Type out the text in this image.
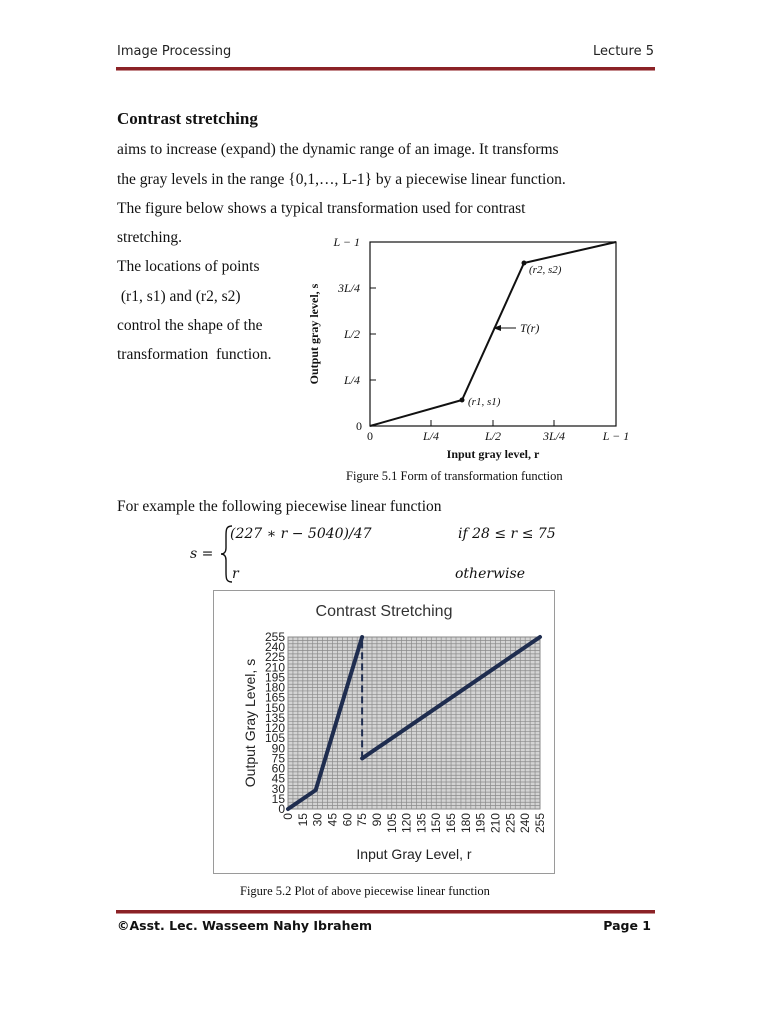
Image Processing	Lecture 5
Contrast stretching
aims to increase (expand) the dynamic range of an image. It transforms
the gray levels in the range {0,1,…, L-1} by a piecewise linear function.
The figure below shows a typical transformation used for contrast
stretching.
The locations of points
(r1, s1) and (r2, s2)
control the shape of the
transformation  function.
L − 1
3L/4
L/2
L/4
0
0	L/4	L/2	3L/4	L − 1
Input gray level, r
Output gray level, s
(r1, s1)
(r2, s2)
T(r)
Figure 5.1 Form of transformation function
For example the following piecewise linear function
s =
(227 ∗ r − 5040)/47	if 28 ≤ r ≤ 75
r	otherwise
Contrast Stretching
0
15
30
45
60
75
90
105
120
135
150
165
180
195
210
225
240
255
0 15 30 45 60 75 90 105 120 135 150 165 180 195 210 225 240 255
Output Gray Level, s
Input Gray Level, r
Figure 5.2 Plot of above piecewise linear function
©Asst. Lec. Wasseem Nahy Ibrahem	Page 1
